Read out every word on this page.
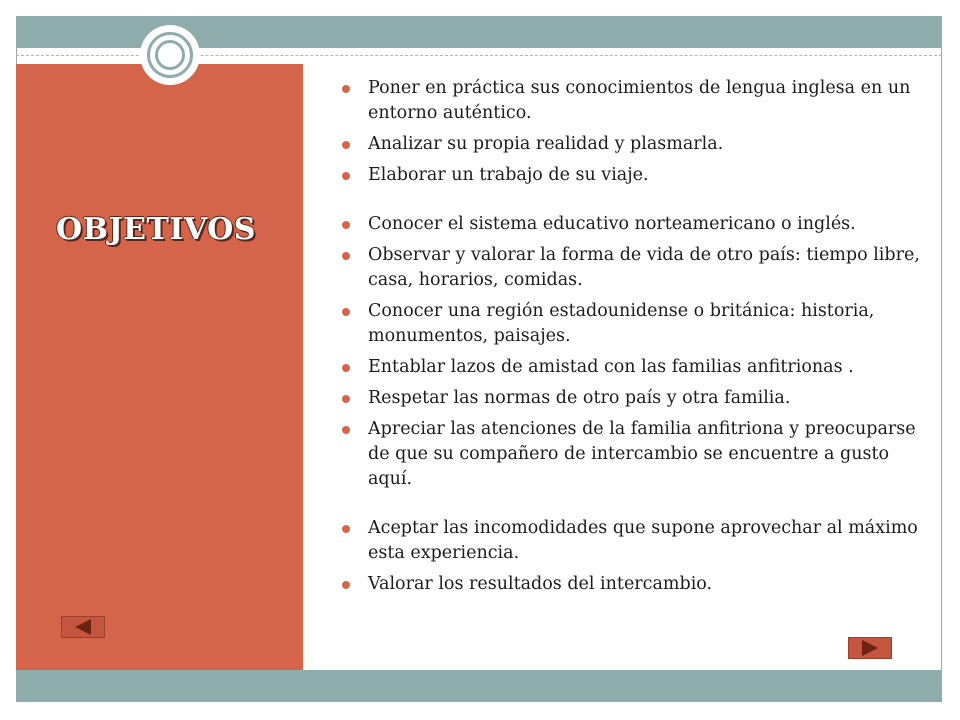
OBJETIVOS
Poner en práctica sus conocimientos de lengua inglesa en un entorno auténtico.
Analizar su propia realidad y plasmarla.
Elaborar un trabajo de su viaje.
Conocer el sistema educativo norteamericano o inglés.
Observar y valorar la forma de vida de otro país: tiempo libre, casa, horarios, comidas.
Conocer una región estadounidense o británica: historia, monumentos, paisajes.
Entablar lazos de amistad con las familias anfitrionas .
Respetar las normas de otro país y otra familia.
Apreciar las atenciones de la familia anfitriona y preocuparse de que su compañero de intercambio se encuentre a gusto aquí.
Aceptar las incomodidades que supone aprovechar al máximo esta experiencia.
Valorar los resultados del intercambio.
